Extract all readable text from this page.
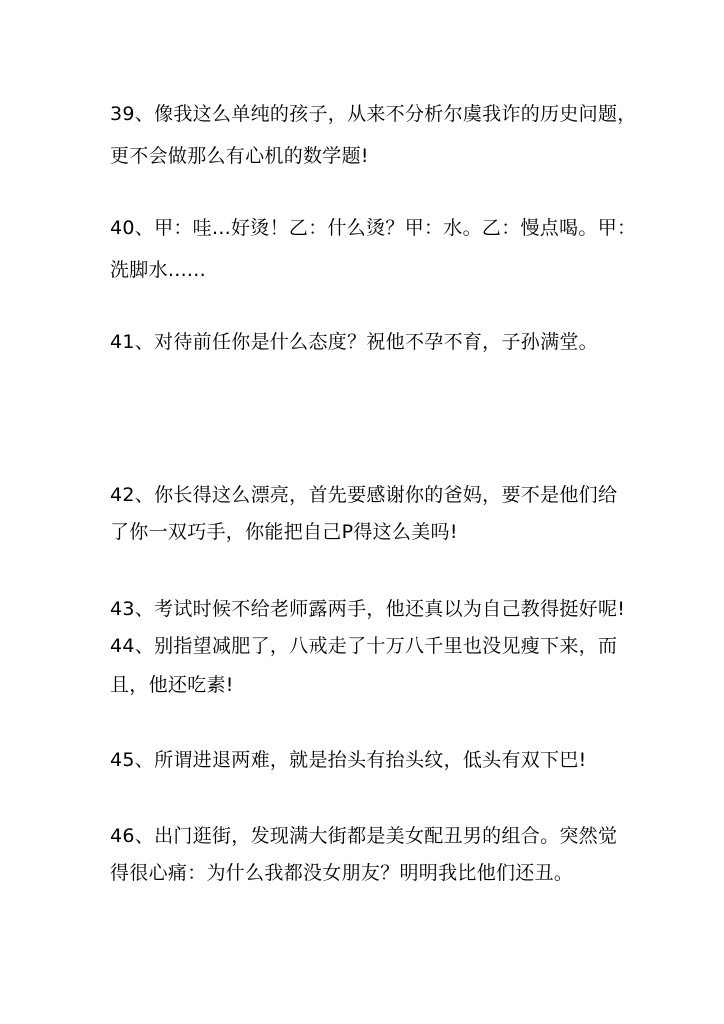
39、像我这么单纯的孩子，从来不分析尔虞我诈的历史问题，

更不会做那么有心机的数学题!

40、甲：哇...好烫！乙：什么烫？甲：水。乙：慢点喝。甲：

洗脚水......

41、对待前任你是什么态度？祝他不孕不育，子孙满堂。

42、你长得这么漂亮，首先要感谢你的爸妈，要不是他们给

了你一双巧手，你能把自己P得这么美吗!

43、考试时候不给老师露两手，他还真以为自己教得挺好呢!

44、别指望减肥了，八戒走了十万八千里也没见瘦下来，而

且，他还吃素!

45、所谓进退两难，就是抬头有抬头纹，低头有双下巴!

46、出门逛街，发现满大街都是美女配丑男的组合。突然觉

得很心痛：为什么我都没女朋友？明明我比他们还丑。
